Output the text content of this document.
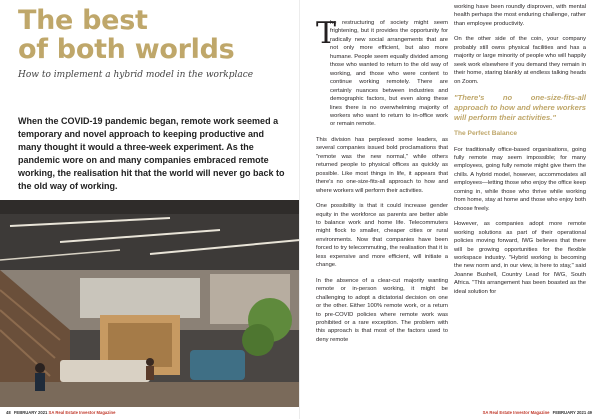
The best
of both worlds
How to implement a hybrid model in the workplace

When the COVID-19 pandemic began, remote work seemed a temporary and novel approach to keeping productive and many thought it would a three-week experiment. As the pandemic wore on and many companies embraced remote working, the realisation hit that the world will never go back to the old way of working.

48 FEBRUARY 2021 SA Real Estate Investor Magazine
T

he restructuring of society might seem frightening, but it provides the opportunity for radically new social arrangements that are not only more efficient, but also more humane. People seem equally divided among those who wanted to return to the old way of working, and those who were content to continue working remotely. There are certainly nuances between industries and demographic factors, but even along these lines there is no overwhelming majority of workers who want to return to in-office work or remain remote.

This division has perplexed some leaders, as several companies issued bold proclamations that "remote was the new normal," while others returned people to physical offices as quickly as possible. Like most things in life, it appears that there's no one-size-fits-all approach to how and where workers will perform their activities.

One possibility is that it could increase gender equity in the workforce as parents are better able to balance work and home life. Telecommuters might flock to smaller, cheaper cities or rural environments. Now that companies have been forced to try telecommuting, the realisation that it is less expensive and more efficient, will initiate a change.

In the absence of a clear-cut majority wanting remote or in-person working, it might be challenging to adopt a dictatorial decision on one or the other. Either 100% remote work, or a return to pre-COVID policies where remote work was prohibited or a rare exception. The problem with this approach is that most of the factors used to deny remote

working have been roundly disproven, with mental health perhaps the most enduring challenge, rather than employee productivity.

On the other side of the coin, your company probably still owns physical facilities and has a majority or large minority of people who will happily seek work elsewhere if you demand they remain in their home, staring blankly at endless talking heads on Zoom.

"There's no one-size-fits-all approach to how and where workers will perform their activities."

The Perfect Balance

For traditionally office-based organisations, going fully remote may seem impossible; for many employees, going fully remote might give them the chills. A hybrid model, however, accommodates all employees—letting those who enjoy the office keep coming in, while those who thrive while working from home, stay at home and those who enjoy both choose freely.

However, as companies adopt more remote working solutions as part of their operational policies moving forward, IWG believes that there will be growing opportunities for the flexible workspace industry. "Hybrid working is becoming the new norm and, in our view, is here to stay," said Joanne Bushell, Country Lead for IWG, South Africa. "This arrangement has been boasted as the ideal solution for

SA Real Estate Investor Magazine FEBRUARY 2021 49
